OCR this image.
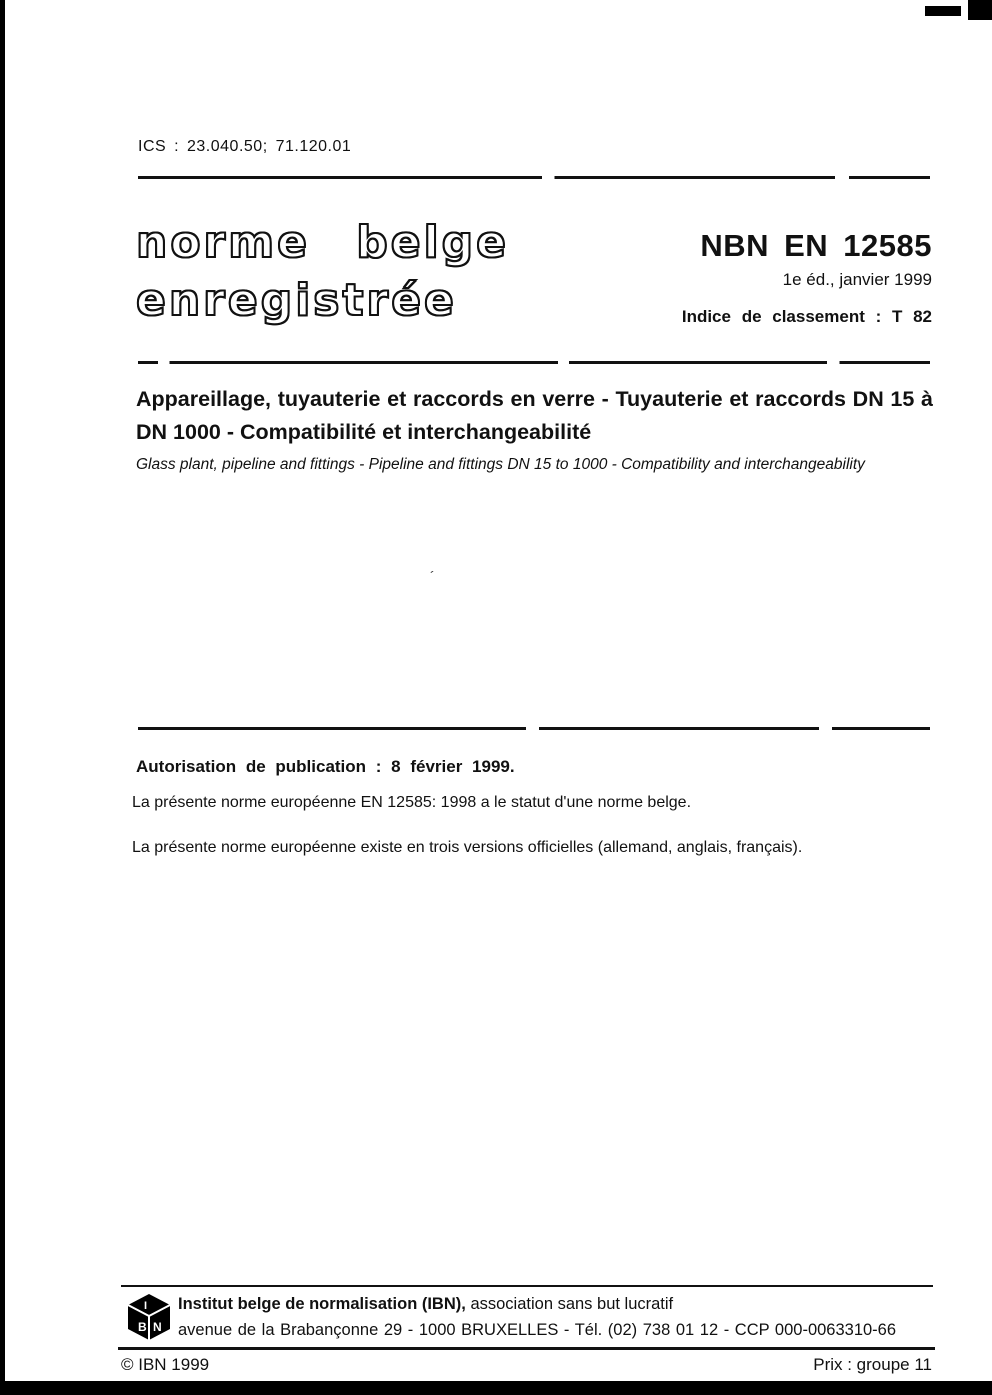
ICS : 23.040.50; 71.120.01
norme belge
enregistrée
NBN EN 12585
1e éd., janvier 1999
Indice de classement : T 82
Appareillage, tuyauterie et raccords en verre - Tuyauterie et raccords DN 15 à DN 1000 - Compatibilité et interchangeabilité
Glass plant, pipeline and fittings - Pipeline and fittings DN 15 to 1000 - Compatibility and interchangeability
´
Autorisation de publication : 8 février 1999.
La présente norme européenne EN 12585: 1998 a le statut d'une norme belge.
La présente norme européenne existe en trois versions officielles (allemand, anglais, français).
B N
I Institut belge de normalisation (IBN), association sans but lucratif
avenue de la Brabançonne 29 - 1000 BRUXELLES - Tél. (02) 738 01 12 - CCP 000-0063310-66
© IBN 1999	Prix : groupe 11
